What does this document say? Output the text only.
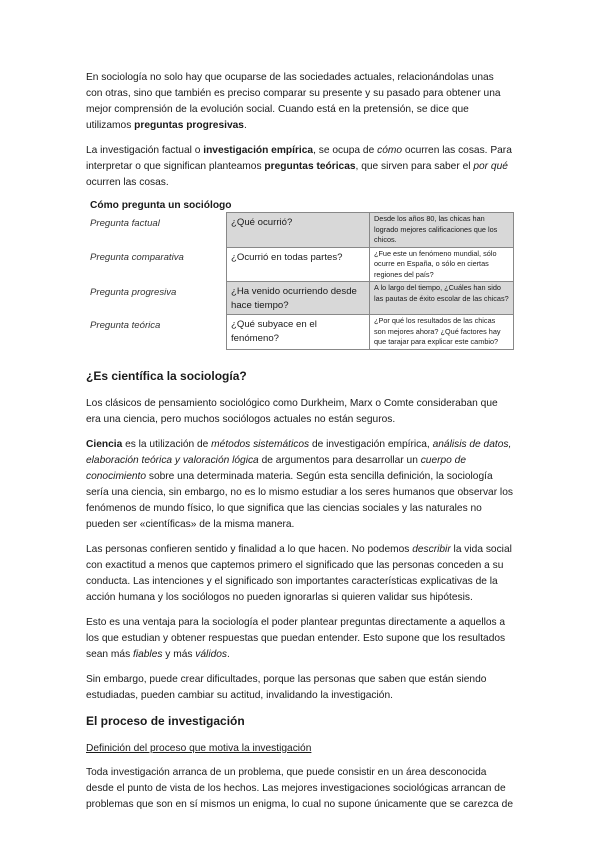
En sociología no solo hay que ocuparse de las sociedades actuales, relacionándolas unas con otras, sino que también es preciso comparar su presente y su pasado para obtener una mejor comprensión de la evolución social. Cuando está en la pretensión, se dice que utilizamos preguntas progresivas.

La investigación factual o investigación empírica, se ocupa de cómo ocurren las cosas. Para interpretar o que significan planteamos preguntas teóricas, que sirven para saber el por qué ocurren las cosas.

Cómo pregunta un sociólogo
Pregunta factual	¿Qué ocurrió?	Desde los años 80, las chicas han logrado mejores calificaciones que los chicos.
Pregunta comparativa	¿Ocurrió en todas partes?	¿Fue este un fenómeno mundial, sólo ocurre en España, o sólo en ciertas regiones del país?
Pregunta progresiva	¿Ha venido ocurriendo desde hace tiempo?	A lo largo del tiempo, ¿Cuáles han sido las pautas de éxito escolar de las chicas?
Pregunta teórica	¿Qué subyace en el fenómeno?	¿Por qué los resultados de las chicas son mejores ahora? ¿Qué factores hay que tarajar para explicar este cambio?
¿Es científica la sociología?

Los clásicos de pensamiento sociológico como Durkheim, Marx o Comte consideraban que era una ciencia, pero muchos sociólogos actuales no están seguros.

Ciencia es la utilización de métodos sistemáticos de investigación empírica, análisis de datos, elaboración teórica y valoración lógica de argumentos para desarrollar un cuerpo de conocimiento sobre una determinada materia. Según esta sencilla definición, la sociología sería una ciencia, sin embargo, no es lo mismo estudiar a los seres humanos que observar los fenómenos de mundo físico, lo que significa que las ciencias sociales y las naturales no pueden ser «científicas» de la misma manera.

Las personas confieren sentido y finalidad a lo que hacen. No podemos describir la vida social con exactitud a menos que captemos primero el significado que las personas conceden a su conducta. Las intenciones y el significado son importantes características explicativas de la acción humana y los sociólogos no pueden ignorarlas si quieren validar sus hipótesis.

Esto es una ventaja para la sociología el poder plantear preguntas directamente a aquellos a los que estudian y obtener respuestas que puedan entender. Esto supone que los resultados sean más fiables y más válidos.

Sin embargo, puede crear dificultades, porque las personas que saben que están siendo estudiadas, pueden cambiar su actitud, invalidando la investigación.

El proceso de investigación
Definición del proceso que motiva la investigación

Toda investigación arranca de un problema, que puede consistir en un área desconocida desde el punto de vista de los hechos. Las mejores investigaciones sociológicas arrancan de problemas que son en sí mismos un enigma, lo cual no supone únicamente que se carezca de
